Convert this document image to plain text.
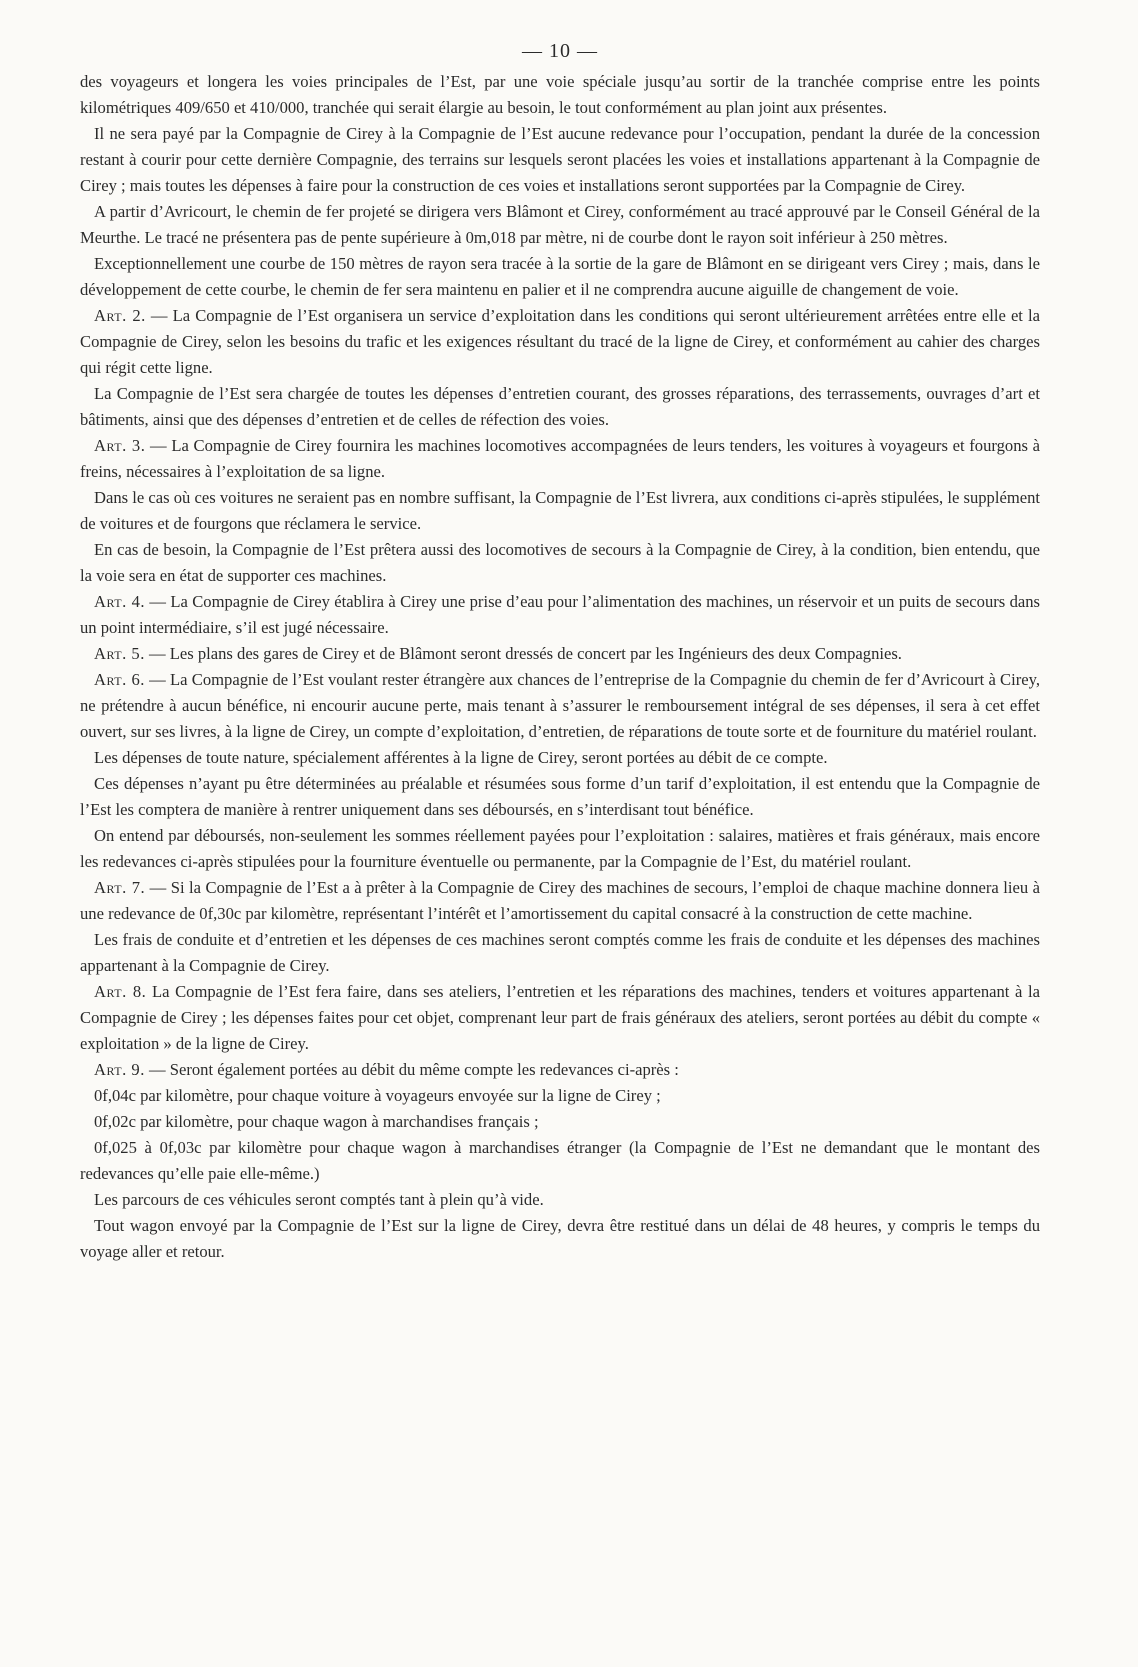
— 10 —

des voyageurs et longera les voies principales de l’Est, par une voie spéciale jusqu’au sortir de la tranchée comprise entre les points kilométriques 409/650 et 410/000, tranchée qui serait élargie au besoin, le tout conformément au plan joint aux présentes.

Il ne sera payé par la Compagnie de Cirey à la Compagnie de l’Est aucune redevance pour l’occupation, pendant la durée de la concession restant à courir pour cette dernière Compagnie, des terrains sur lesquels seront placées les voies et installations appartenant à la Compagnie de Cirey ; mais toutes les dépenses à faire pour la construction de ces voies et installations seront supportées par la Compagnie de Cirey.

A partir d’Avricourt, le chemin de fer projeté se dirigera vers Blâmont et Cirey, conformément au tracé approuvé par le Conseil Général de la Meurthe. Le tracé ne présentera pas de pente supérieure à 0m,018 par mètre, ni de courbe dont le rayon soit inférieur à 250 mètres.

Exceptionnellement une courbe de 150 mètres de rayon sera tracée à la sortie de la gare de Blâmont en se dirigeant vers Cirey ; mais, dans le développement de cette courbe, le chemin de fer sera maintenu en palier et il ne comprendra aucune aiguille de changement de voie.

Art. 2. — La Compagnie de l’Est organisera un service d’exploitation dans les conditions qui seront ultérieurement arrêtées entre elle et la Compagnie de Cirey, selon les besoins du trafic et les exigences résultant du tracé de la ligne de Cirey, et conformément au cahier des charges qui régit cette ligne.

La Compagnie de l’Est sera chargée de toutes les dépenses d’entretien courant, des grosses réparations, des terrassements, ouvrages d’art et bâtiments, ainsi que des dépenses d’entretien et de celles de réfection des voies.

Art. 3. — La Compagnie de Cirey fournira les machines locomotives accompagnées de leurs tenders, les voitures à voyageurs et fourgons à freins, nécessaires à l’exploitation de sa ligne.

Dans le cas où ces voitures ne seraient pas en nombre suffisant, la Compagnie de l’Est livrera, aux conditions ci-après stipulées, le supplément de voitures et de fourgons que réclamera le service.

En cas de besoin, la Compagnie de l’Est prêtera aussi des locomotives de secours à la Compagnie de Cirey, à la condition, bien entendu, que la voie sera en état de supporter ces machines.

Art. 4. — La Compagnie de Cirey établira à Cirey une prise d’eau pour l’alimentation des machines, un réservoir et un puits de secours dans un point intermédiaire, s’il est jugé nécessaire.

Art. 5. — Les plans des gares de Cirey et de Blâmont seront dressés de concert par les Ingénieurs des deux Compagnies.

Art. 6. — La Compagnie de l’Est voulant rester étrangère aux chances de l’entreprise de la Compagnie du chemin de fer d’Avricourt à Cirey, ne prétendre à aucun bénéfice, ni encourir aucune perte, mais tenant à s’assurer le remboursement intégral de ses dépenses, il sera à cet effet ouvert, sur ses livres, à la ligne de Cirey, un compte d’exploitation, d’entretien, de réparations de toute sorte et de fourniture du matériel roulant.

Les dépenses de toute nature, spécialement afférentes à la ligne de Cirey, seront portées au débit de ce compte.

Ces dépenses n’ayant pu être déterminées au préalable et résumées sous forme d’un tarif d’exploitation, il est entendu que la Compagnie de l’Est les comptera de manière à rentrer uniquement dans ses déboursés, en s’interdisant tout bénéfice.

On entend par déboursés, non-seulement les sommes réellement payées pour l’exploitation : salaires, matières et frais généraux, mais encore les redevances ci-après stipulées pour la fourniture éventuelle ou permanente, par la Compagnie de l’Est, du matériel roulant.

Art. 7. — Si la Compagnie de l’Est a à prêter à la Compagnie de Cirey des machines de secours, l’emploi de chaque machine donnera lieu à une redevance de 0f,30c par kilomètre, représentant l’intérêt et l’amortissement du capital consacré à la construction de cette machine.

Les frais de conduite et d’entretien et les dépenses de ces machines seront comptés comme les frais de conduite et les dépenses des machines appartenant à la Compagnie de Cirey.

Art. 8. La Compagnie de l’Est fera faire, dans ses ateliers, l’entretien et les réparations des machines, tenders et voitures appartenant à la Compagnie de Cirey ; les dépenses faites pour cet objet, comprenant leur part de frais généraux des ateliers, seront portées au débit du compte « exploitation » de la ligne de Cirey.

Art. 9. — Seront également portées au débit du même compte les redevances ci-après :

0f,04c par kilomètre, pour chaque voiture à voyageurs envoyée sur la ligne de Cirey ;

0f,02c par kilomètre, pour chaque wagon à marchandises français ;

0f,025 à 0f,03c par kilomètre pour chaque wagon à marchandises étranger (la Compagnie de l’Est ne demandant que le montant des redevances qu’elle paie elle-même.)

Les parcours de ces véhicules seront comptés tant à plein qu’à vide.

Tout wagon envoyé par la Compagnie de l’Est sur la ligne de Cirey, devra être restitué dans un délai de 48 heures, y compris le temps du voyage aller et retour.
